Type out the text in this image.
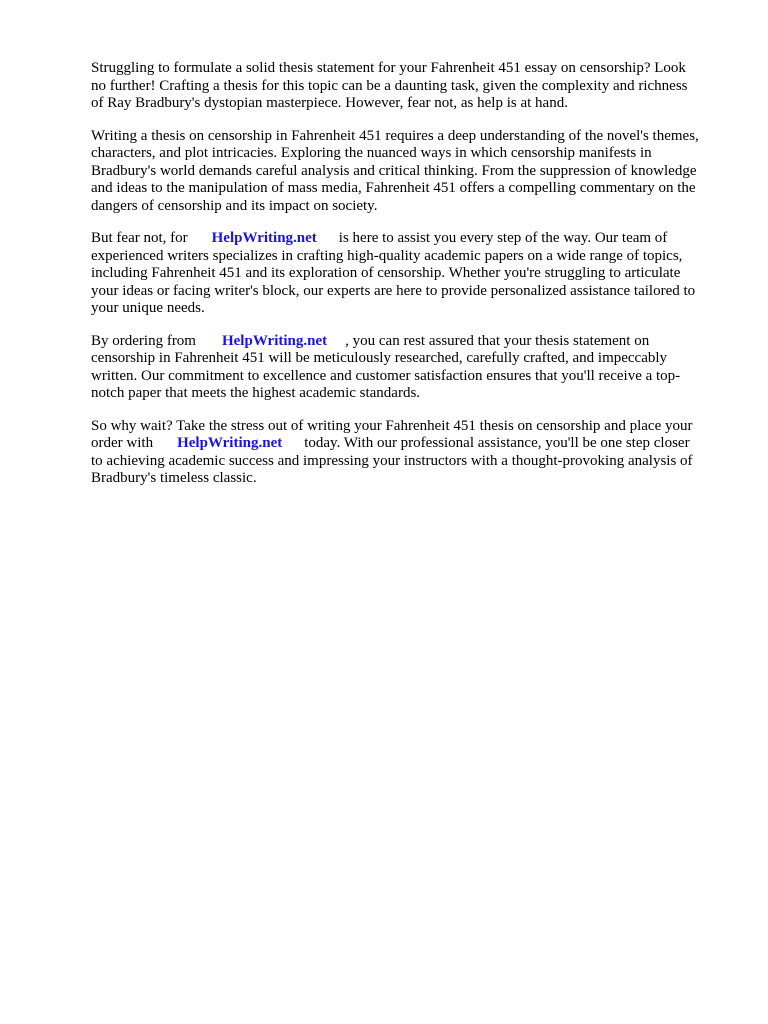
Struggling to formulate a solid thesis statement for your Fahrenheit 451 essay on censorship? Look
no further! Crafting a thesis for this topic can be a daunting task, given the complexity and richness
of Ray Bradbury's dystopian masterpiece. However, fear not, as help is at hand.

Writing a thesis on censorship in Fahrenheit 451 requires a deep understanding of the novel's themes,
characters, and plot intricacies. Exploring the nuanced ways in which censorship manifests in
Bradbury's world demands careful analysis and critical thinking. From the suppression of knowledge
and ideas to the manipulation of mass media, Fahrenheit 451 offers a compelling commentary on the
dangers of censorship and its impact on society.

But fear not, for HelpWriting.net is here to assist you every step of the way. Our team of
experienced writers specializes in crafting high-quality academic papers on a wide range of topics,
including Fahrenheit 451 and its exploration of censorship. Whether you're struggling to articulate
your ideas or facing writer's block, our experts are here to provide personalized assistance tailored to
your unique needs.

By ordering from HelpWriting.net , you can rest assured that your thesis statement on
censorship in Fahrenheit 451 will be meticulously researched, carefully crafted, and impeccably
written. Our commitment to excellence and customer satisfaction ensures that you'll receive a top-
notch paper that meets the highest academic standards.

So why wait? Take the stress out of writing your Fahrenheit 451 thesis on censorship and place your
order with HelpWriting.net today. With our professional assistance, you'll be one step closer
to achieving academic success and impressing your instructors with a thought-provoking analysis of
Bradbury's timeless classic.
